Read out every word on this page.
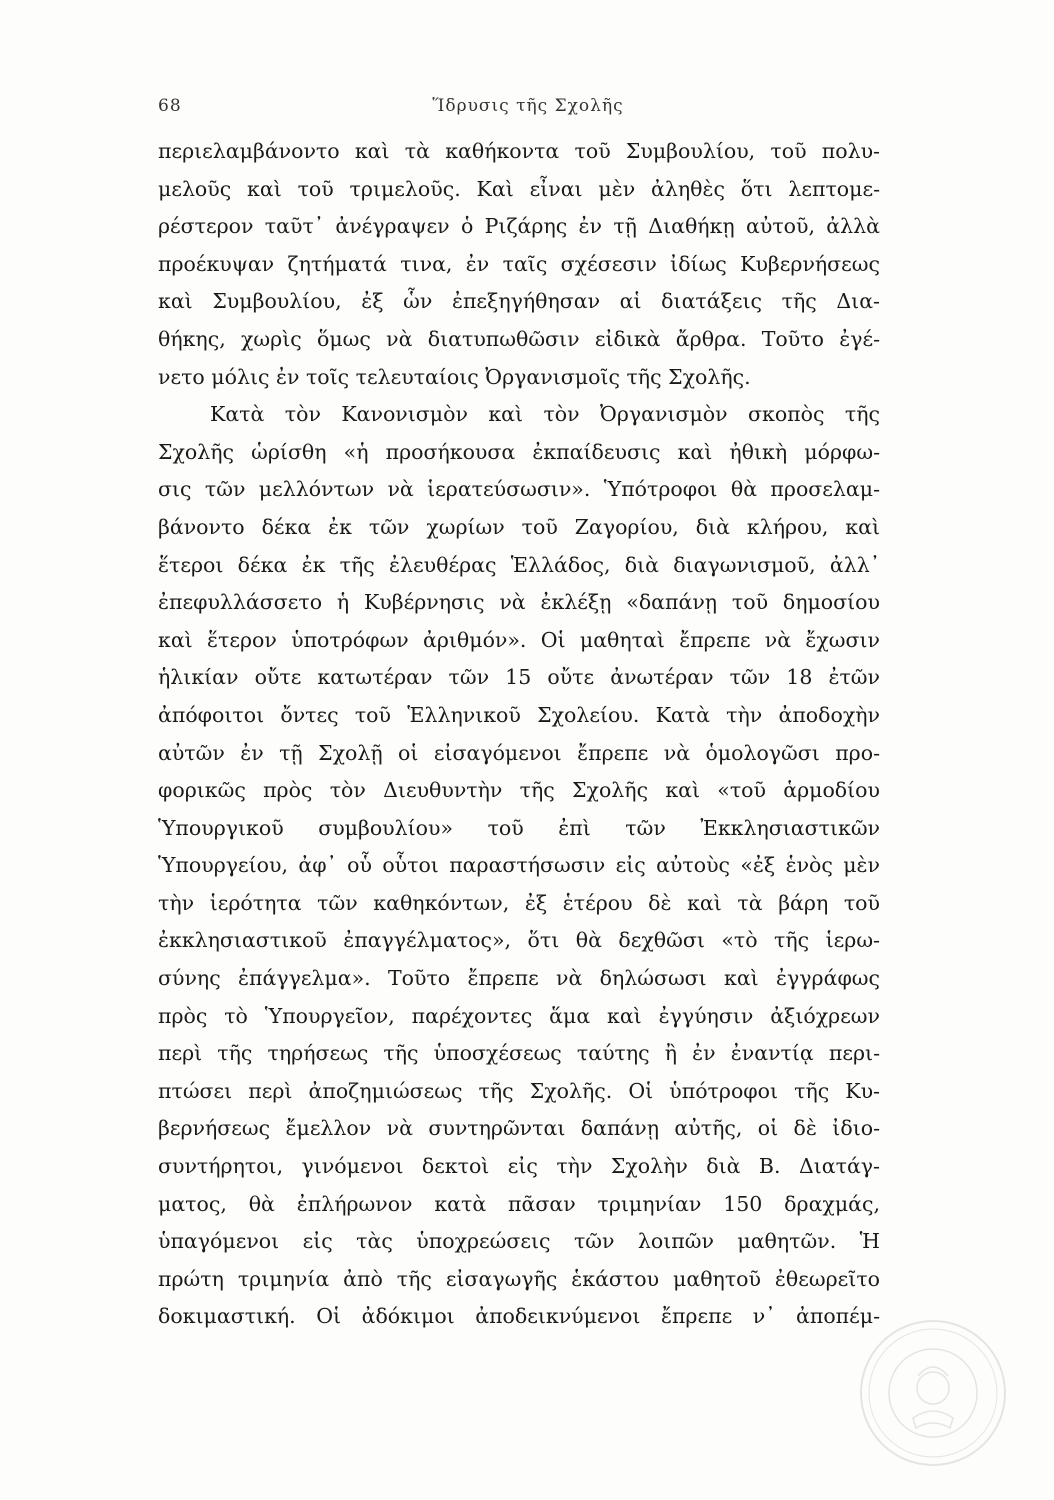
68	Ἵδρυσις τῆς Σχολῆς
περιελαμβάνοντο καὶ τὰ καθήκοντα τοῦ Συμβουλίου, τοῦ πολυ-
μελοῦς καὶ τοῦ τριμελοῦς. Καὶ εἶναι μὲν ἀληθὲς ὅτι λεπτομε-
ρέστερον ταῦτ᾽ ἀνέγραψεν ὁ Ριζάρης ἐν τῇ Διαθήκῃ αὐτοῦ, ἀλλὰ
προέκυψαν ζητήματά τινα, ἐν ταῖς σχέσεσιν ἰδίως Κυβερνήσεως
καὶ Συμβουλίου, ἐξ ὧν ἐπεξηγήθησαν αἱ διατάξεις τῆς Δια-
θήκης, χωρὶς ὅμως νὰ διατυπωθῶσιν εἰδικὰ ἄρθρα. Τοῦτο ἐγέ-
νετο μόλις ἐν τοῖς τελευταίοις Ὀργανισμοῖς τῆς Σχολῆς.
Κατὰ τὸν Κανονισμὸν καὶ τὸν Ὀργανισμὸν σκοπὸς τῆς
Σχολῆς ὡρίσθη «ἡ προσήκουσα ἐκπαίδευσις καὶ ἠθικὴ μόρφω-
σις τῶν μελλόντων νὰ ἱερατεύσωσιν». Ὑπότροφοι θὰ προσελαμ-
βάνοντο δέκα ἐκ τῶν χωρίων τοῦ Ζαγορίου, διὰ κλήρου, καὶ
ἕτεροι δέκα ἐκ τῆς ἐλευθέρας Ἑλλάδος, διὰ διαγωνισμοῦ, ἀλλ᾽
ἐπεφυλλάσσετο ἡ Κυβέρνησις νὰ ἐκλέξῃ «δαπάνῃ τοῦ δημοσίου
καὶ ἕτερον ὑποτρόφων ἀριθμόν». Οἱ μαθηταὶ ἔπρεπε νὰ ἔχωσιν
ἡλικίαν οὔτε κατωτέραν τῶν 15 οὔτε ἀνωτέραν τῶν 18 ἐτῶν
ἀπόφοιτοι ὄντες τοῦ Ἑλληνικοῦ Σχολείου. Κατὰ τὴν ἀποδοχὴν
αὐτῶν ἐν τῇ Σχολῇ οἱ εἰσαγόμενοι ἔπρεπε νὰ ὁμολογῶσι προ-
φορικῶς πρὸς τὸν Διευθυντὴν τῆς Σχολῆς καὶ «τοῦ ἁρμοδίου
Ὑπουργικοῦ συμβουλίου» τοῦ ἐπὶ τῶν Ἐκκλησιαστικῶν
Ὑπουργείου, ἀφ᾽ οὗ οὗτοι παραστήσωσιν εἰς αὐτοὺς «ἐξ ἑνὸς μὲν
τὴν ἱερότητα τῶν καθηκόντων, ἐξ ἑτέρου δὲ καὶ τὰ βάρη τοῦ
ἐκκλησιαστικοῦ ἐπαγγέλματος», ὅτι θὰ δεχθῶσι «τὸ τῆς ἱερω-
σύνης ἐπάγγελμα». Τοῦτο ἔπρεπε νὰ δηλώσωσι καὶ ἐγγράφως
πρὸς τὸ Ὑπουργεῖον, παρέχοντες ἅμα καὶ ἐγγύησιν ἀξιόχρεων
περὶ τῆς τηρήσεως τῆς ὑποσχέσεως ταύτης ἢ ἐν ἐναντίᾳ περι-
πτώσει περὶ ἀποζημιώσεως τῆς Σχολῆς. Οἱ ὑπότροφοι τῆς Κυ-
βερνήσεως ἔμελλον νὰ συντηρῶνται δαπάνῃ αὐτῆς, οἱ δὲ ἰδιο-
συντήρητοι, γινόμενοι δεκτοὶ εἰς τὴν Σχολὴν διὰ Β. Διατάγ-
ματος, θὰ ἐπλήρωνον κατὰ πᾶσαν τριμηνίαν 150 δραχμάς,
ὑπαγόμενοι εἰς τὰς ὑποχρεώσεις τῶν λοιπῶν μαθητῶν. Ἡ
πρώτη τριμηνία ἀπὸ τῆς εἰσαγωγῆς ἑκάστου μαθητοῦ ἐθεωρεῖτο
δοκιμαστική. Οἱ ἀδόκιμοι ἀποδεικνύμενοι ἔπρεπε ν᾽ ἀποπέμ-
